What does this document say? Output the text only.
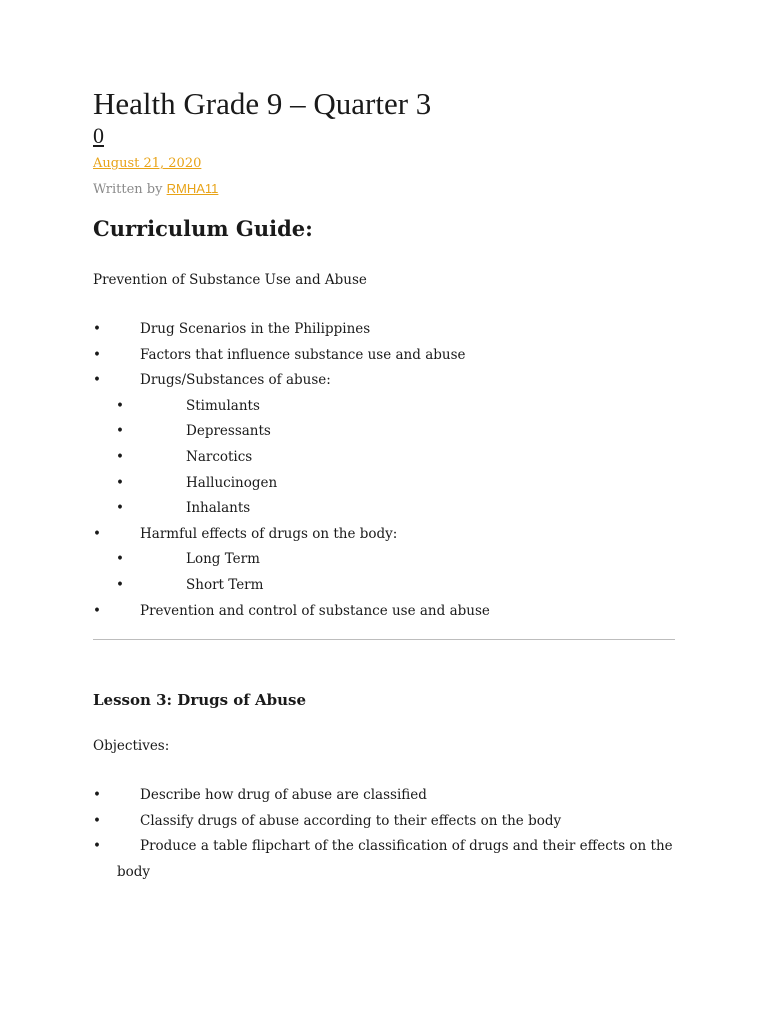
Health Grade 9 – Quarter 3
0
August 21, 2020
Written by RMHA11
Curriculum Guide:

Prevention of Substance Use and Abuse

•	Drug Scenarios in the Philippines
•	Factors that influence substance use and abuse
•	Drugs/Substances of abuse:
•	Stimulants
•	Depressants
•	Narcotics
•	Hallucinogen
•	Inhalants
•	Harmful effects of drugs on the body:
•	Long Term
•	Short Term
•	Prevention and control of substance use and abuse
Lesson 3: Drugs of Abuse

Objectives:

•	Describe how drug of abuse are classified
•	Classify drugs of abuse according to their effects on the body
•	Produce a table flipchart of the classification of drugs and their effects on the body
